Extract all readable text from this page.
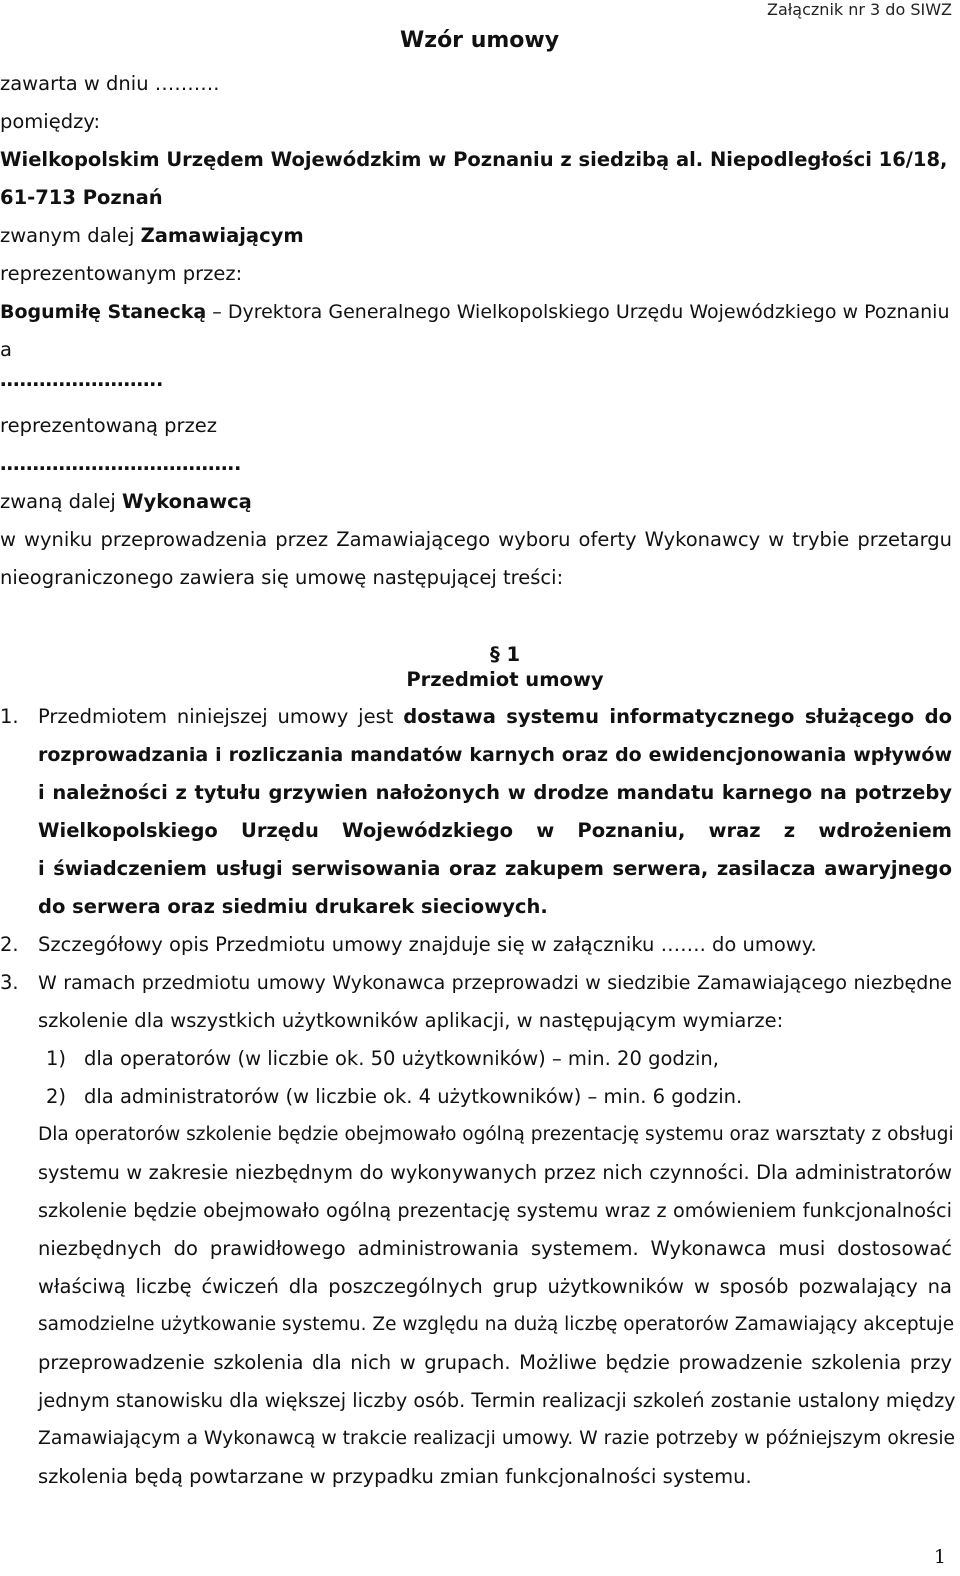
Załącznik nr 3 do SIWZ
Wzór umowy
zawarta w dniu ……….
pomiędzy:
Wielkopolskim Urzędem Wojewódzkim w Poznaniu z siedzibą al. Niepodległości 16/18,
61-713 Poznań
zwanym dalej Zamawiającym
reprezentowanym przez:
Bogumiłę Stanecką – Dyrektora Generalnego Wielkopolskiego Urzędu Wojewódzkiego w Poznaniu
a
…………………….
reprezentowaną przez
……………………………….
zwaną dalej Wykonawcą
w wyniku przeprowadzenia przez Zamawiającego wyboru oferty Wykonawcy w trybie przetargu
nieograniczonego zawiera się umowę następującej treści:
§ 1
Przedmiot umowy
1. Przedmiotem niniejszej umowy jest dostawa systemu informatycznego służącego do
rozprowadzania i rozliczania mandatów karnych oraz do ewidencjonowania wpływów
i należności z tytułu grzywien nałożonych w drodze mandatu karnego na potrzeby
Wielkopolskiego Urzędu Wojewódzkiego w Poznaniu, wraz z wdrożeniem
i świadczeniem usługi serwisowania oraz zakupem serwera, zasilacza awaryjnego
do serwera oraz siedmiu drukarek sieciowych.
2. Szczegółowy opis Przedmiotu umowy znajduje się w załączniku ……. do umowy.
3. W ramach przedmiotu umowy Wykonawca przeprowadzi w siedzibie Zamawiającego niezbędne
szkolenie dla wszystkich użytkowników aplikacji, w następującym wymiarze:
1) dla operatorów (w liczbie ok. 50 użytkowników) – min. 20 godzin,
2) dla administratorów (w liczbie ok. 4 użytkowników) – min. 6 godzin.
Dla operatorów szkolenie będzie obejmowało ogólną prezentację systemu oraz warsztaty z obsługi
systemu w zakresie niezbędnym do wykonywanych przez nich czynności. Dla administratorów
szkolenie będzie obejmowało ogólną prezentację systemu wraz z omówieniem funkcjonalności
niezbędnych do prawidłowego administrowania systemem. Wykonawca musi dostosować
właściwą liczbę ćwiczeń dla poszczególnych grup użytkowników w sposób pozwalający na
samodzielne użytkowanie systemu. Ze względu na dużą liczbę operatorów Zamawiający akceptuje
przeprowadzenie szkolenia dla nich w grupach. Możliwe będzie prowadzenie szkolenia przy
jednym stanowisku dla większej liczby osób. Termin realizacji szkoleń zostanie ustalony między
Zamawiającym a Wykonawcą w trakcie realizacji umowy. W razie potrzeby w późniejszym okresie
szkolenia będą powtarzane w przypadku zmian funkcjonalności systemu.
1
